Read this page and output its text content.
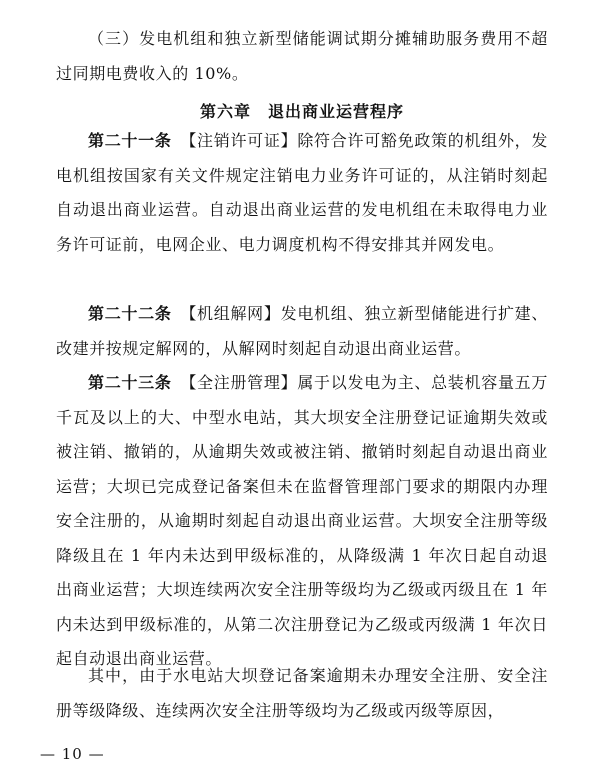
（三）发电机组和独立新型储能调试期分摊辅助服务费用不超过同期电费收入的 10%。

第六章　退出商业运营程序

第二十一条　 【注销许可证】除符合许可豁免政策的机组外，发电机组按国家有关文件规定注销电力业务许可证的，从注销时刻起自动退出商业运营。自动退出商业运营的发电机组在未取得电力业务许可证前，电网企业、电力调度机构不得安排其并网发电。

第二十二条　 【机组解网】发电机组、独立新型储能进行扩建、改建并按规定解网的，从解网时刻起自动退出商业运营。

第二十三条　 【全注册管理】属于以发电为主、总装机容量五万千瓦及以上的大、中型水电站，其大坝安全注册登记证逾期失效或被注销、撤销的，从逾期失效或被注销、撤销时刻起自动退出商业运营；大坝已完成登记备案但未在监督管理部门要求的期限内办理安全注册的，从逾期时刻起自动退出商业运营。大坝安全注册等级降级且在 1 年内未达到甲级标准的，从降级满 1 年次日起自动退出商业运营；大坝连续两次安全注册等级均为乙级或丙级且在 1 年内未达到甲级标准的，从第二次注册登记为乙级或丙级满 1 年次日起自动退出商业运营。

其中，由于水电站大坝登记备案逾期未办理安全注册、安全注册等级降级、连续两次安全注册等级均为乙级或丙级等原因，

— 10 —
